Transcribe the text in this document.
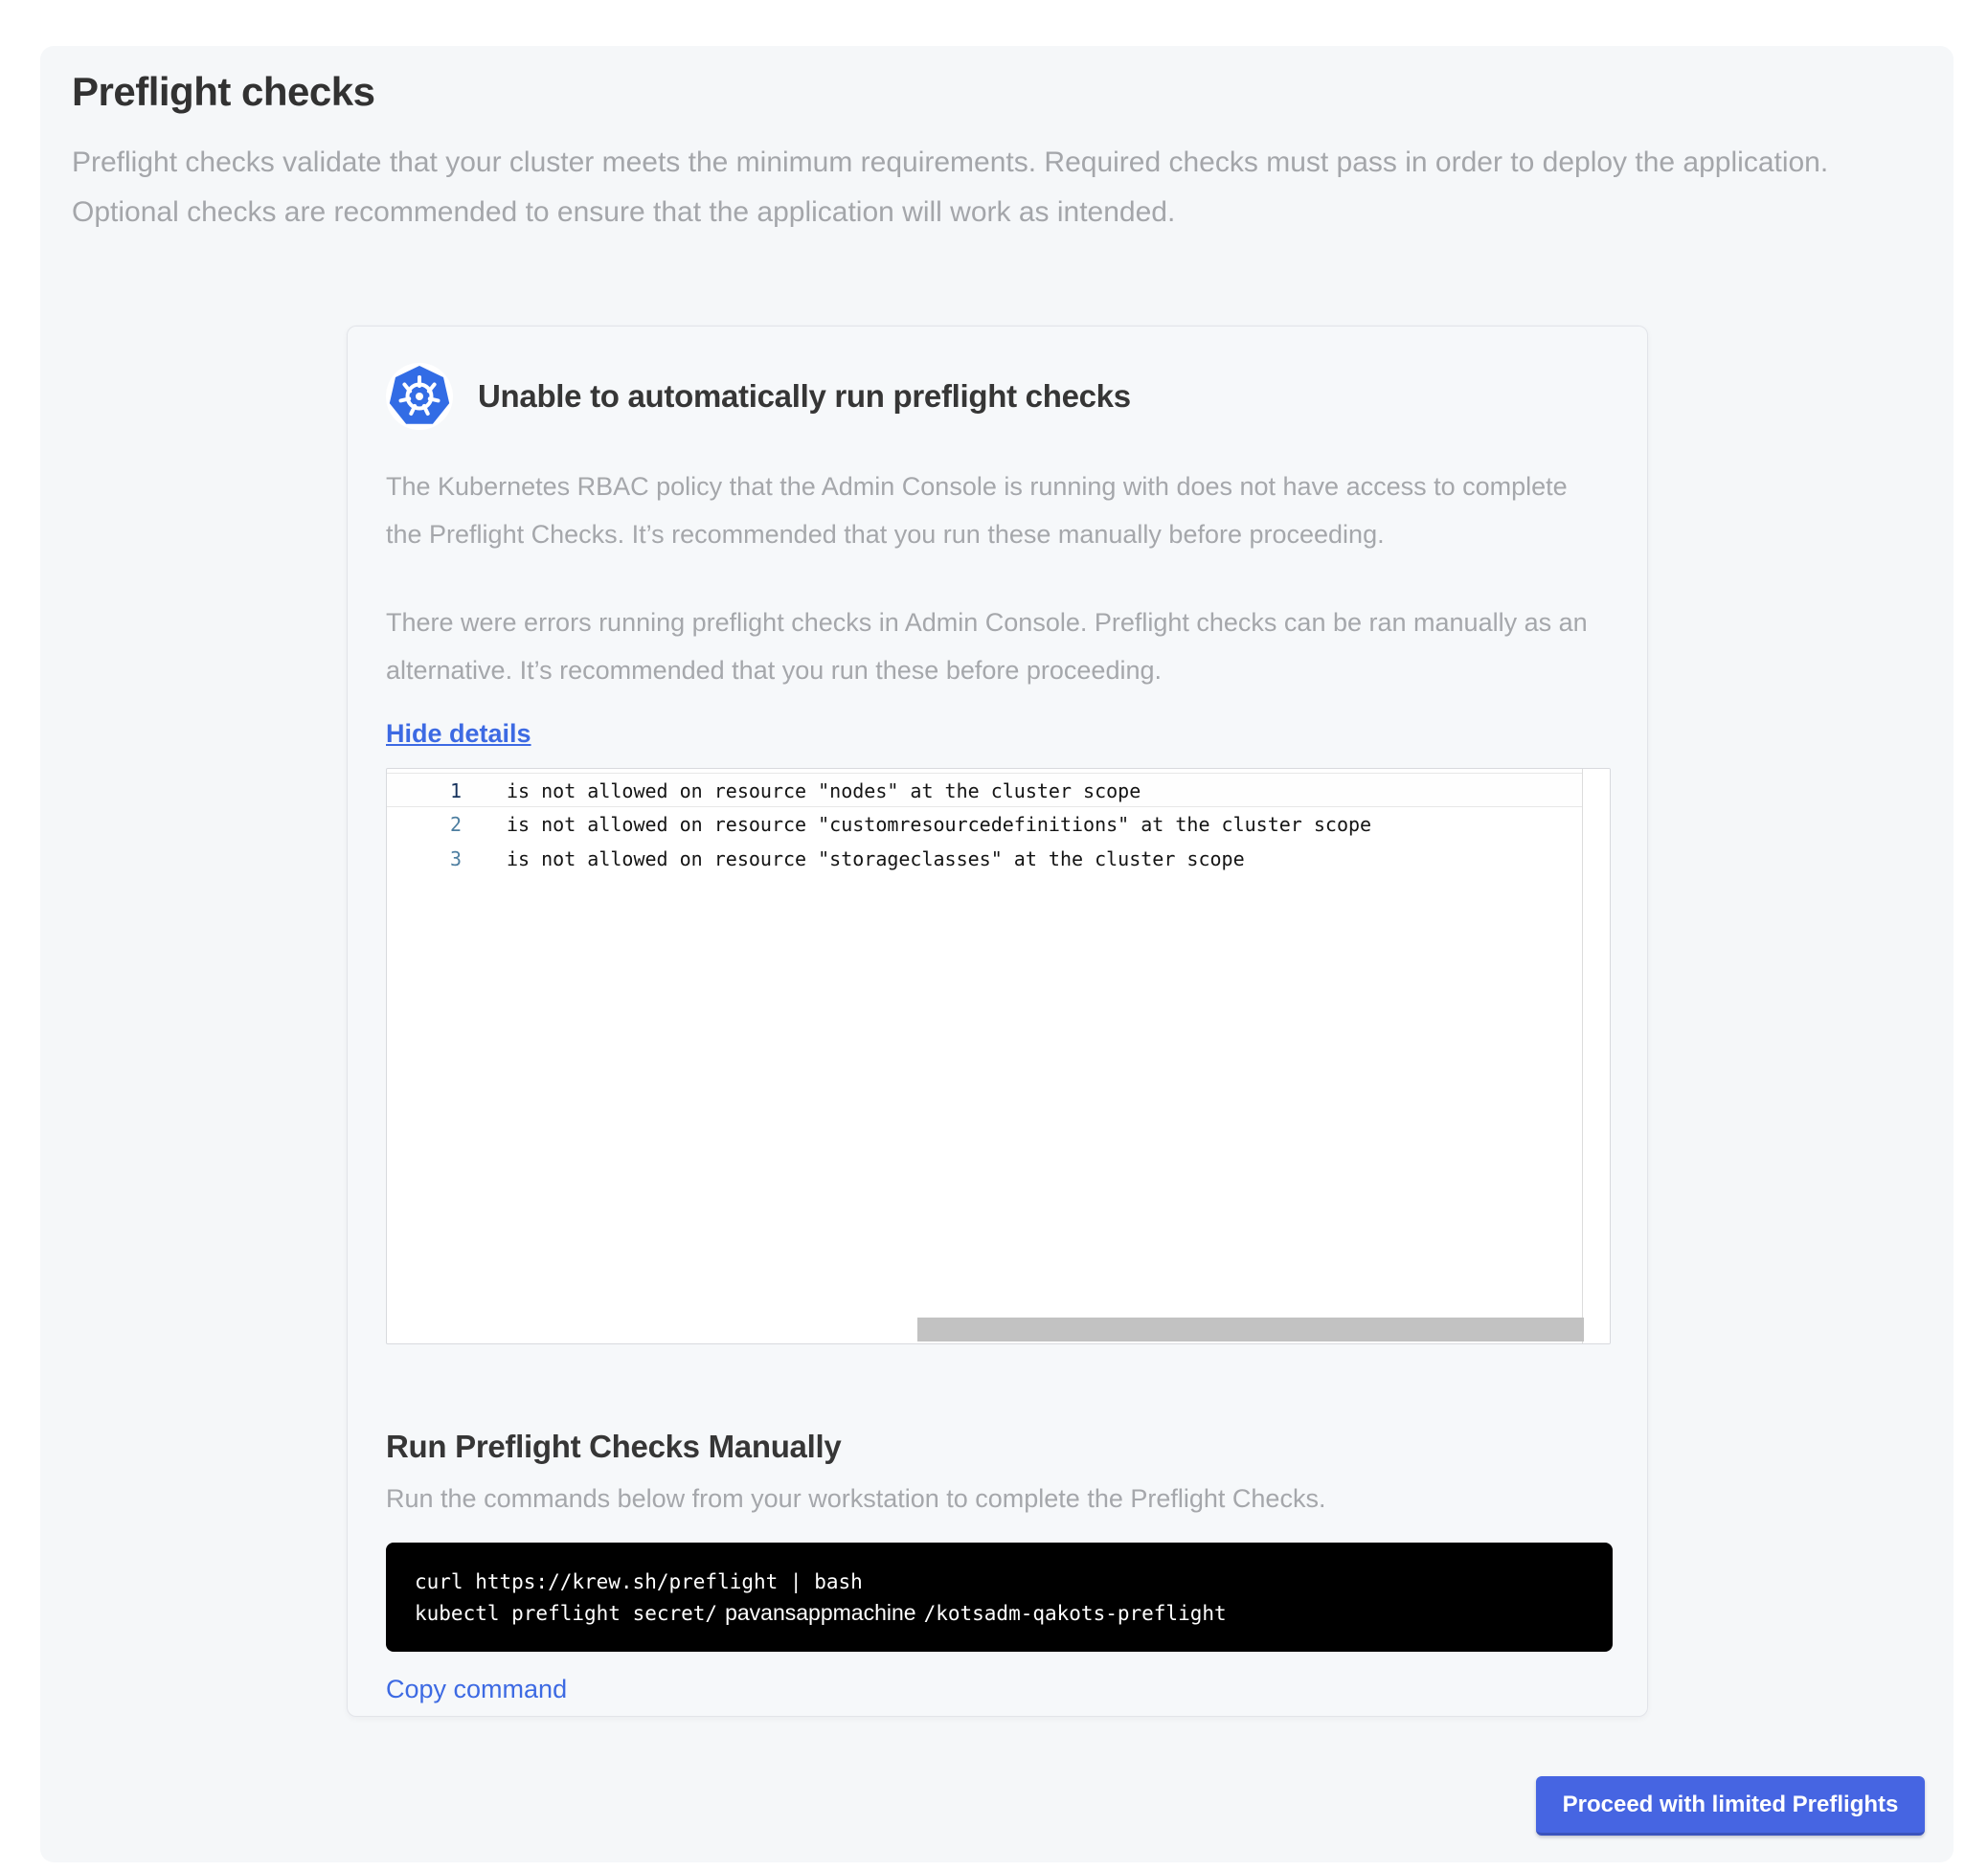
Preflight checks

Preflight checks validate that your cluster meets the minimum requirements. Required checks must pass in order to deploy the application. Optional checks are recommended to ensure that the application will work as intended.

Unable to automatically run preflight checks

The Kubernetes RBAC policy that the Admin Console is running with does not have access to complete the Preflight Checks. It’s recommended that you run these manually before proceeding.

There were errors running preflight checks in Admin Console. Preflight checks can be ran manually as an alternative. It’s recommended that you run these before proceeding.

Hide details
1 is not allowed on resource "nodes" at the cluster scope
2 is not allowed on resource "customresourcedefinitions" at the cluster scope
3 is not allowed on resource "storageclasses" at the cluster scope
Run Preflight Checks Manually

Run the commands below from your workstation to complete the Preflight Checks.

curl https://krew.sh/preflight | bash
kubectl preflight secret/ pavansappmachine /kotsadm-qakots-preflight
Copy command
Proceed with limited Preflights
